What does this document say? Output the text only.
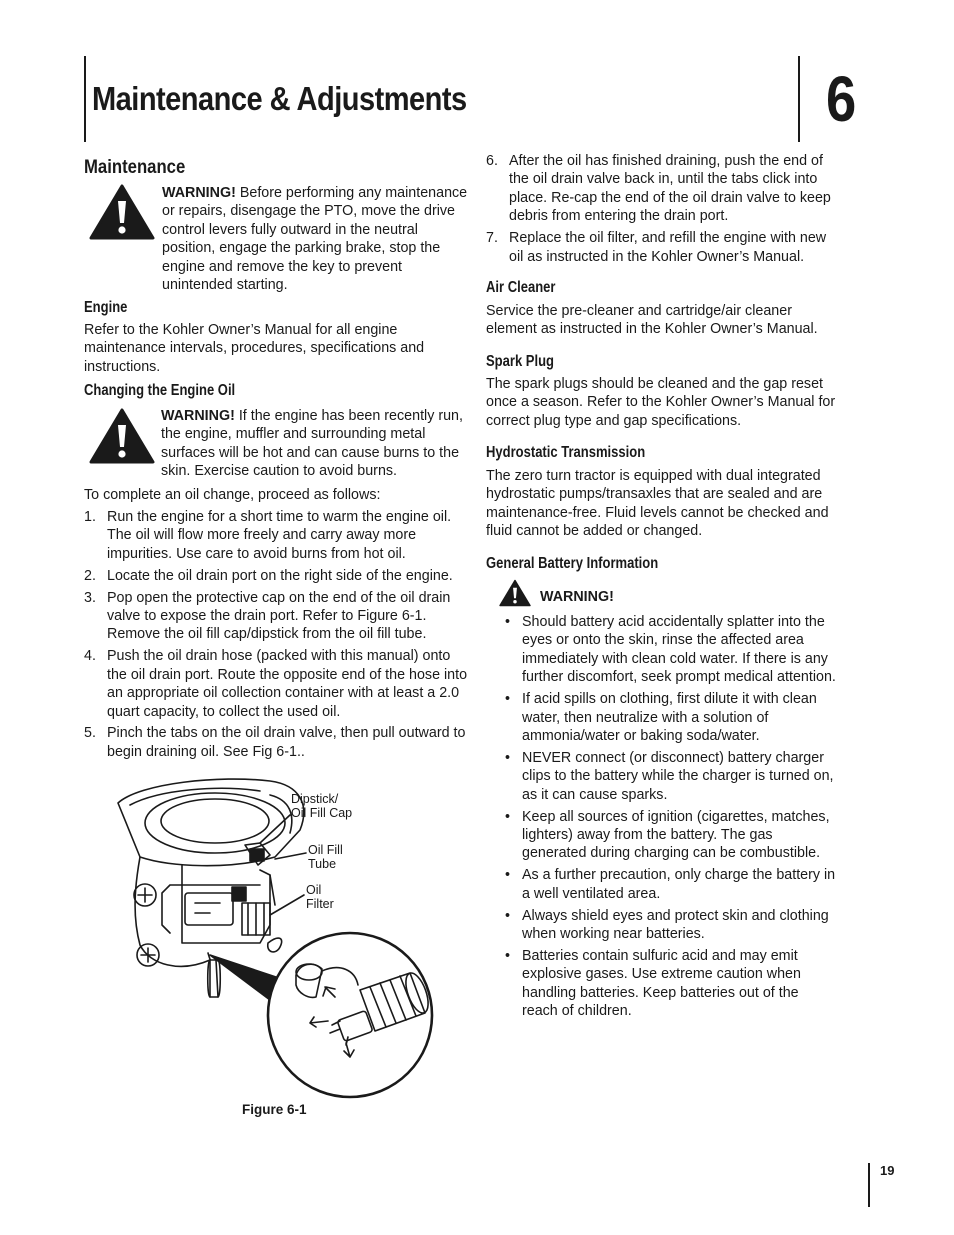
Maintenance & Adjustments	6
Maintenance
WARNING! Before performing any maintenance or repairs, disengage the PTO, move the drive control levers fully outward in the neutral position, engage the parking brake, stop the engine and remove the key to prevent unintended starting.
Engine
Refer to the Kohler Owner’s Manual for all engine maintenance intervals, procedures, specifications and instructions.
Changing the Engine Oil
WARNING! If the engine has been recently run, the engine, muffler and surrounding metal surfaces will be hot and can cause burns to the skin. Exercise caution to avoid burns.
To complete an oil change, proceed as follows:
1. Run the engine for a short time to warm the engine oil. The oil will flow more freely and carry away more impurities. Use care to avoid burns from hot oil.
2. Locate the oil drain port on the right side of the engine.
3. Pop open the protective cap on the end of the oil drain valve to expose the drain port. Refer to Figure 6-1. Remove the oil fill cap/dipstick from the oil fill tube.
4. Push the oil drain hose (packed with this manual) onto the oil drain port. Route the opposite end of the hose into an appropriate oil collection container with at least a 2.0 quart capacity, to collect the used oil.
5. Pinch the tabs on the oil drain valve, then pull outward to begin draining oil. See Fig 6-1..
Dipstick/
Oil Fill Cap
Oil Fill
Tube
Oil
Filter
Figure 6-1
6. After the oil has finished draining, push the end of the oil drain valve back in, until the tabs click into place. Re-cap the end of the oil drain valve to keep debris from entering the drain port.
7. Replace the oil filter, and refill the engine with new oil as instructed in the Kohler Owner’s Manual.
Air Cleaner
Service the pre-cleaner and cartridge/air cleaner element as instructed in the Kohler Owner’s Manual.
Spark Plug
The spark plugs should be cleaned and the gap reset once a season. Refer to the Kohler Owner’s Manual for correct plug type and gap specifications.
Hydrostatic Transmission
The zero turn tractor is equipped with dual integrated hydrostatic pumps/transaxles that are sealed and are maintenance-free. Fluid levels cannot be checked and fluid cannot be added or changed.
General Battery Information
WARNING!
• Should battery acid accidentally splatter into the eyes or onto the skin, rinse the affected area immediately with clean cold water. If there is any further discomfort, seek prompt medical attention.
• If acid spills on clothing, first dilute it with clean water, then neutralize with a solution of ammonia/water or baking soda/water.
• NEVER connect (or disconnect) battery charger clips to the battery while the charger is turned on, as it can cause sparks.
• Keep all sources of ignition (cigarettes, matches, lighters) away from the battery. The gas generated during charging can be combustible.
• As a further precaution, only charge the battery in a well ventilated area.
• Always shield eyes and protect skin and clothing when working near batteries.
• Batteries contain sulfuric acid and may emit explosive gases. Use extreme caution when handling batteries. Keep batteries out of the reach of children.
19
